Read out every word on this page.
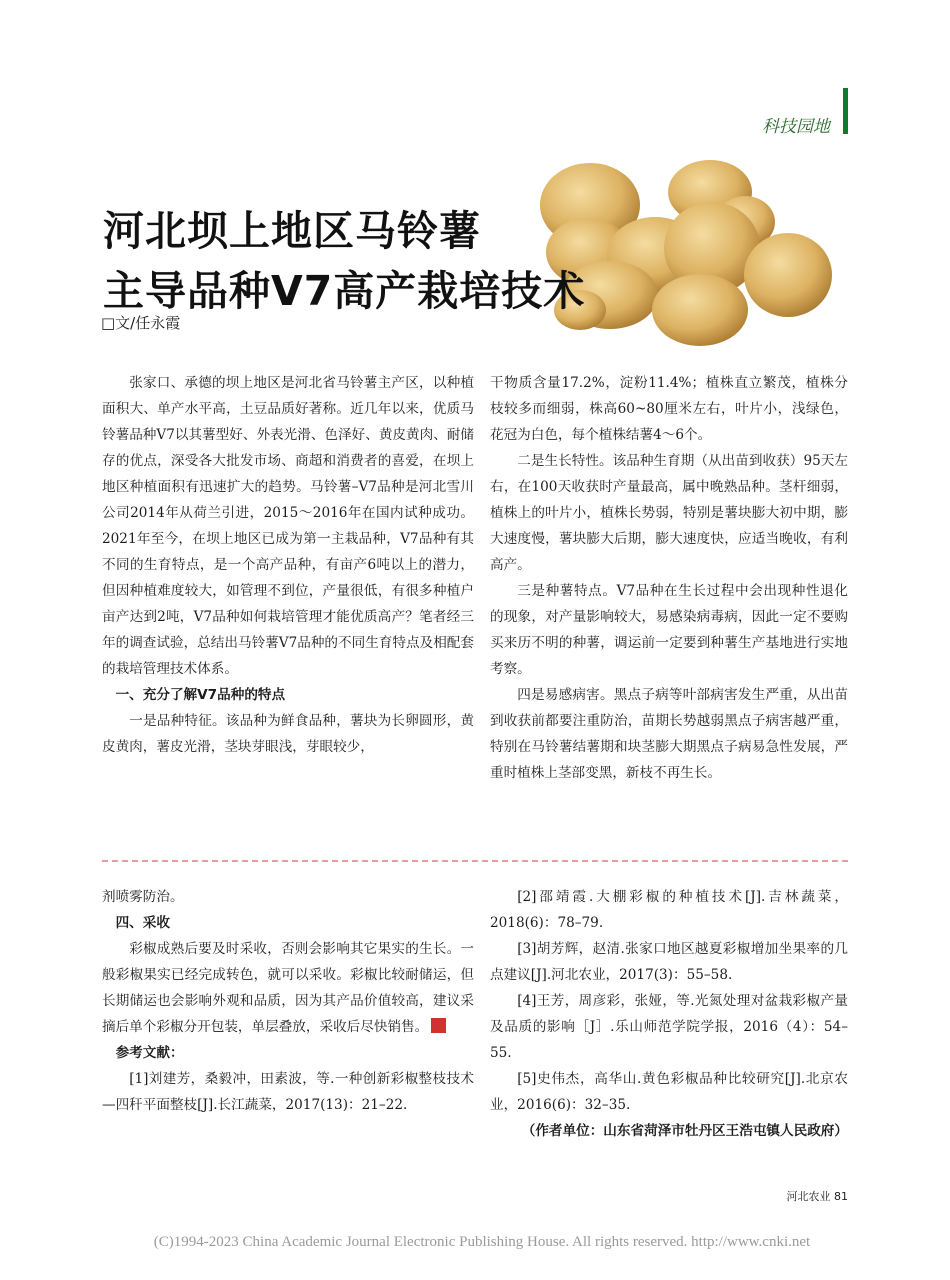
科技园地
河北坝上地区马铃薯
主导品种V7高产栽培技术
□文/任永霞

张家口、承德的坝上地区是河北省马铃薯主产区，以种植面积大、单产水平高，土豆品质好著称。近几年以来，优质马铃薯品种V7以其薯型好、外表光滑、色泽好、黄皮黄肉、耐储存的优点，深受各大批发市场、商超和消费者的喜爱，在坝上地区种植面积有迅速扩大的趋势。马铃薯–V7品种是河北雪川公司2014年从荷兰引进，2015～2016年在国内试种成功。2021年至今，在坝上地区已成为第一主栽品种，V7品种有其不同的生育特点，是一个高产品种，有亩产6吨以上的潜力，但因种植难度较大，如管理不到位，产量很低，有很多种植户亩产达到2吨，V7品种如何栽培管理才能优质高产？笔者经三年的调查试验，总结出马铃薯V7品种的不同生育特点及相配套的栽培管理技术体系。

一、充分了解V7品种的特点

一是品种特征。该品种为鲜食品种，薯块为长卵圆形，黄皮黄肉，薯皮光滑，茎块芽眼浅，芽眼较少，

干物质含量17.2%，淀粉11.4%；植株直立繁茂，植株分枝较多而细弱，株高60~80厘米左右，叶片小，浅绿色，花冠为白色，每个植株结薯4～6个。

二是生长特性。该品种生育期（从出苗到收获）95天左右，在100天收获时产量最高，属中晚熟品种。茎杆细弱，植株上的叶片小，植株长势弱，特别是薯块膨大初中期，膨大速度慢，薯块膨大后期，膨大速度快，应适当晚收，有利高产。

三是种薯特点。V7品种在生长过程中会出现种性退化的现象，对产量影响较大，易感染病毒病，因此一定不要购买来历不明的种薯，调运前一定要到种薯生产基地进行实地考察。

四是易感病害。黑点子病等叶部病害发生严重，从出苗到收获前都要注重防治，苗期长势越弱黑点子病害越严重，特别在马铃薯结薯期和块茎膨大期黑点子病易急性发展，严重时植株上茎部变黑，新枝不再生长。

剂喷雾防治。

四、采收

彩椒成熟后要及时采收，否则会影响其它果实的生长。一般彩椒果实已经完成转色，就可以采收。彩椒比较耐储运，但长期储运也会影响外观和品质，因为其产品价值较高，建议采摘后单个彩椒分开包装，单层叠放，采收后尽快销售。

参考文献：

[1]刘建芳，桑毅冲，田素波，等.一种创新彩椒整枝技术—四秆平面整枝[J].长江蔬菜，2017(13)：21–22.

[2]邵靖霞.大棚彩椒的种植技术[J].吉林蔬菜，2018(6)：78–79.

[3]胡芳辉，赵清.张家口地区越夏彩椒增加坐果率的几点建议[J].河北农业，2017(3)：55–58.

[4]王芳，周彦彩，张娅，等.光氮处理对盆栽彩椒产量及品质的影响［J］.乐山师范学院学报，2016（4）：54–55.

[5]史伟杰，高华山.黄色彩椒品种比较研究[J].北京农业，2016(6)：32–35.

（作者单位：山东省菏泽市牡丹区王浩屯镇人民政府）
河北农业 81
(C)1994-2023 China Academic Journal Electronic Publishing House. All rights reserved. http://www.cnki.net
